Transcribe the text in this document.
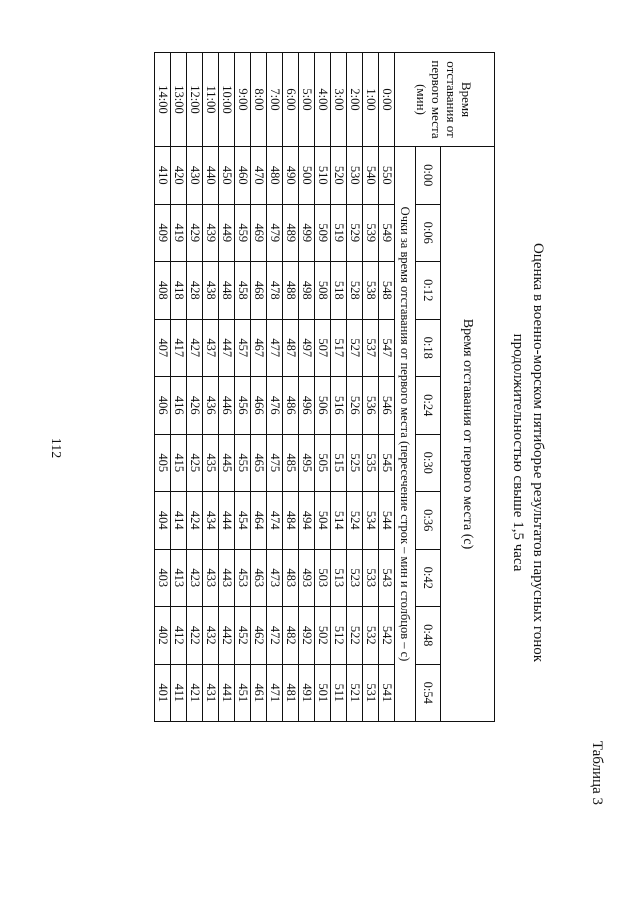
112
Таблица 3
Оценка в военно-морском пятиборье результатов парусных гонок
продолжительностью свыше 1,5 часа
Время
отставания от
первого места
(мин)	Время отставания от первого места (с)									
	0:00	0:06	0:12	0:18	0:24	0:30	0:36	0:42	0:48	0:54
	Очки за время отставания от первого места (пересечение строк – мин и столбцов – с)									
0:00	550	549	548	547	546	545	544	543	542	541
1:00	540	539	538	537	536	535	534	533	532	531
2:00	530	529	528	527	526	525	524	523	522	521
3:00	520	519	518	517	516	515	514	513	512	511
4:00	510	509	508	507	506	505	504	503	502	501
5:00	500	499	498	497	496	495	494	493	492	491
6:00	490	489	488	487	486	485	484	483	482	481
7:00	480	479	478	477	476	475	474	473	472	471
8:00	470	469	468	467	466	465	464	463	462	461
9:00	460	459	458	457	456	455	454	453	452	451
10:00	450	449	448	447	446	445	444	443	442	441
11:00	440	439	438	437	436	435	434	433	432	431
12:00	430	429	428	427	426	425	424	423	422	421
13:00	420	419	418	417	416	415	414	413	412	411
14:00	410	409	408	407	406	405	404	403	402	401
